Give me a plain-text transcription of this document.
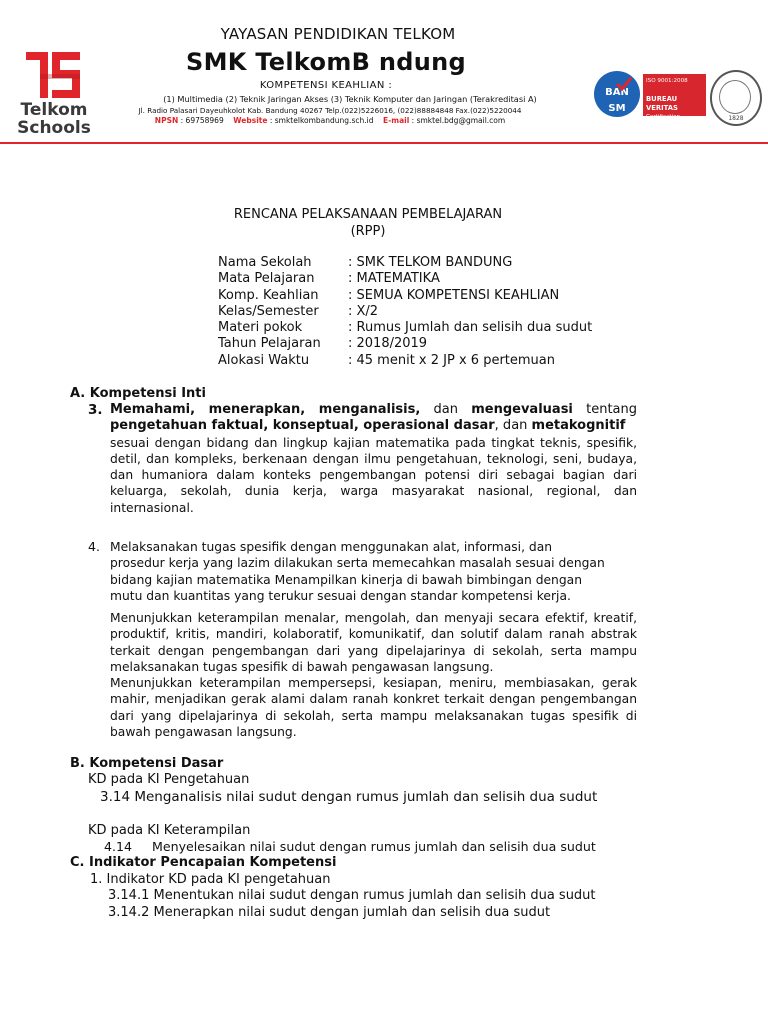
Telkom
Schools
YAYASAN PENDIDIKAN TELKOM
SMK TelkomB ndung
KOMPETENSI KEAHLIAN :
(1) Multimedia (2) Teknik Jaringan Akses (3) Teknik Komputer dan Jaringan (Terakreditasi A)
Jl. Radio Palasari Dayeuhkolot Kab. Bandung 40267 Telp.(022)5226016, (022)88884848 Fax.(022)5220044
NPSN : 69758969 Website : smktelkombandung.sch.id E-mail : smktel.bdg@gmail.com
BAN SM
ISO 9001:2008
BUREAU VERITAS
Certification	1828
RENCANA PELAKSANAAN PEMBELAJARAN
(RPP)
Nama Sekolah	: SMK TELKOM BANDUNG
Mata Pelajaran	: MATEMATIKA
Komp. Keahlian	: SEMUA KOMPETENSI KEAHLIAN
Kelas/Semester	: X/2
Materi pokok	: Rumus Jumlah dan selisih dua sudut
Tahun Pelajaran	: 2018/2019
Alokasi Waktu	: 45 menit x 2 JP x 6 pertemuan
A. Kompetensi Inti
3. Memahami, menerapkan, menganalisis, dan mengevaluasi tentang
pengetahuan faktual, konseptual, operasional dasar, dan metakognitif
sesuai dengan bidang dan lingkup kajian matematika pada tingkat teknis, spesifik, detil, dan kompleks, berkenaan dengan ilmu pengetahuan, teknologi, seni, budaya, dan humaniora dalam konteks pengembangan potensi diri sebagai bagian dari keluarga, sekolah, dunia kerja, warga masyarakat nasional, regional, dan internasional.
4. Melaksanakan tugas spesifik dengan menggunakan alat, informasi, dan prosedur kerja yang lazim dilakukan serta memecahkan masalah sesuai dengan bidang kajian matematika Menampilkan kinerja di bawah bimbingan dengan mutu dan kuantitas yang terukur sesuai dengan standar kompetensi kerja.
Menunjukkan keterampilan menalar, mengolah, dan menyaji secara efektif, kreatif, produktif, kritis, mandiri, kolaboratif, komunikatif, dan solutif dalam ranah abstrak terkait dengan pengembangan dari yang dipelajarinya di sekolah, serta mampu melaksanakan tugas spesifik di bawah pengawasan langsung.
Menunjukkan keterampilan mempersepsi, kesiapan, meniru, membiasakan, gerak mahir, menjadikan gerak alami dalam ranah konkret terkait dengan pengembangan dari yang dipelajarinya di sekolah, serta mampu melaksanakan tugas spesifik di bawah pengawasan langsung.
B. Kompetensi Dasar
KD pada KI Pengetahuan
3.14 Menganalisis nilai sudut dengan rumus jumlah dan selisih dua sudut
KD pada KI Keterampilan
4.14 Menyelesaikan nilai sudut dengan rumus jumlah dan selisih dua sudut
C. Indikator Pencapaian Kompetensi
1. Indikator KD pada KI pengetahuan
3.14.1 Menentukan nilai sudut dengan rumus jumlah dan selisih dua sudut
3.14.2 Menerapkan nilai sudut dengan jumlah dan selisih dua sudut
